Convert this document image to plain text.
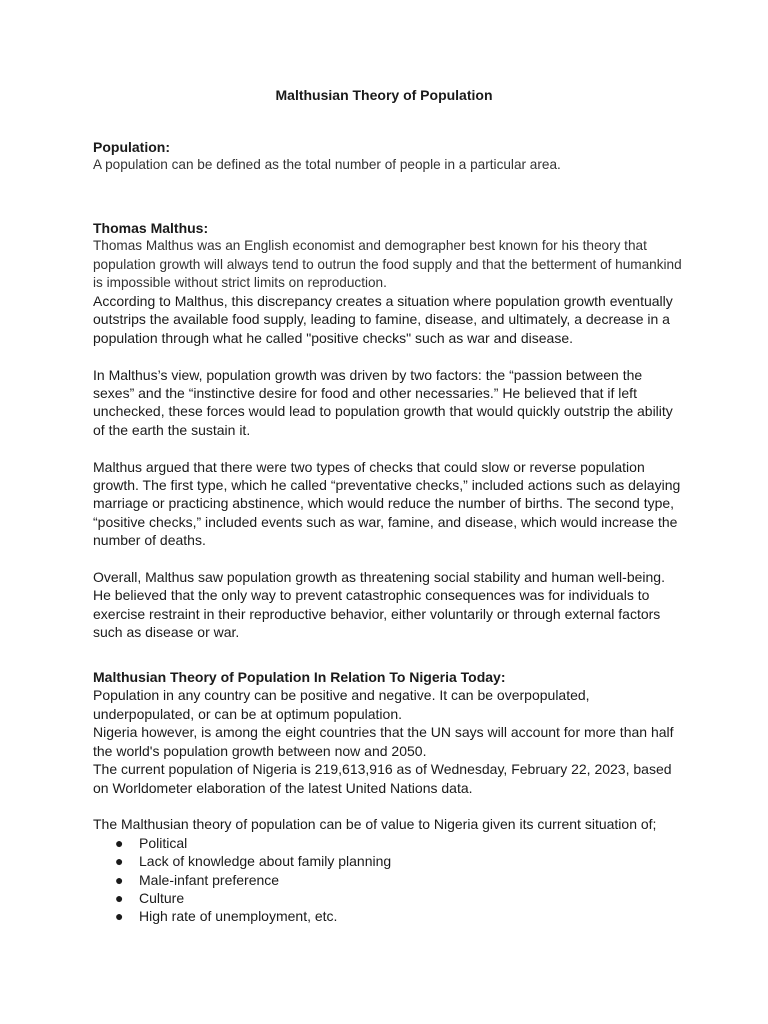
Malthusian Theory of Population
Population:
A population can be defined as the total number of people in a particular area.
Thomas Malthus:
Thomas Malthus was an English economist and demographer best known for his theory that population growth will always tend to outrun the food supply and that the betterment of humankind is impossible without strict limits on reproduction.
According to Malthus, this discrepancy creates a situation where population growth eventually outstrips the available food supply, leading to famine, disease, and ultimately, a decrease in a population through what he called "positive checks" such as war and disease.
In Malthus’s view, population growth was driven by two factors: the “passion between the sexes” and the “instinctive desire for food and other necessaries.” He believed that if left unchecked, these forces would lead to population growth that would quickly outstrip the ability of the earth the sustain it.
Malthus argued that there were two types of checks that could slow or reverse population growth. The first type, which he called “preventative checks,” included actions such as delaying marriage or practicing abstinence, which would reduce the number of births. The second type, “positive checks,” included events such as war, famine, and disease, which would increase the number of deaths.
Overall, Malthus saw population growth as threatening social stability and human well-being. He believed that the only way to prevent catastrophic consequences was for individuals to exercise restraint in their reproductive behavior, either voluntarily or through external factors such as disease or war.
Malthusian Theory of Population In Relation To Nigeria Today:
Population in any country can be positive and negative. It can be overpopulated, underpopulated, or can be at optimum population.
Nigeria however, is among the eight countries that the UN says will account for more than half the world's population growth between now and 2050.
The current population of Nigeria is 219,613,916 as of Wednesday, February 22, 2023, based on Worldometer elaboration of the latest United Nations data.
The Malthusian theory of population can be of value to Nigeria given its current situation of;
● Political
● Lack of knowledge about family planning
● Male-infant preference
● Culture
● High rate of unemployment, etc.
